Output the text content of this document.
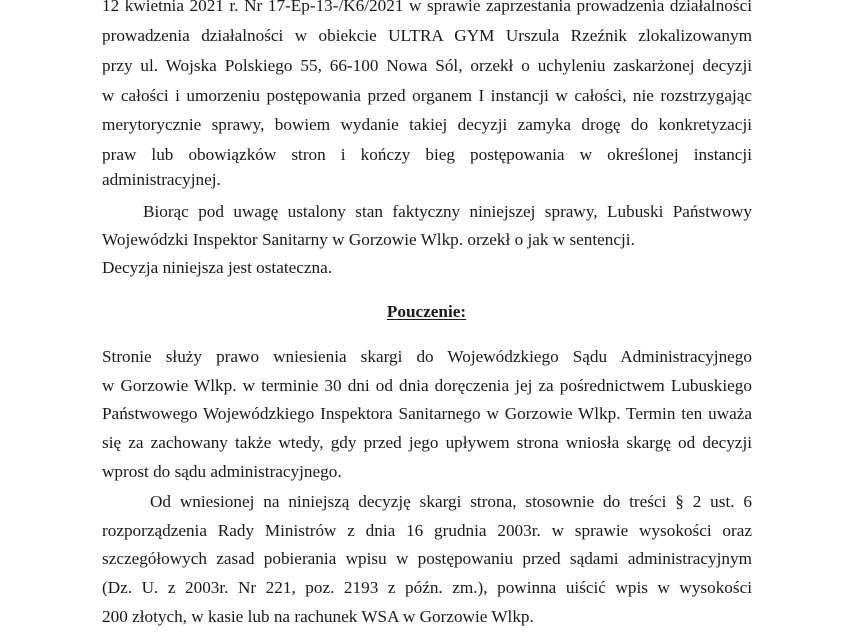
12 kwietnia 2021 r. Nr 17-Ep-13-/K6/2021 w sprawie zaprzestania prowadzenia działalności
prowadzenia działalności w obiekcie ULTRA GYM Urszula Rzeźnik zlokalizowanym
przy ul. Wojska Polskiego 55, 66-100 Nowa Sól, orzekł o uchyleniu zaskarżonej decyzji
w całości i umorzeniu postępowania przed organem I instancji w całości, nie rozstrzygając
merytorycznie sprawy, bowiem wydanie takiej decyzji zamyka drogę do konkretyzacji
praw lub obowiązków stron i kończy bieg postępowania w określonej instancji
administracyjnej.
Biorąc pod uwagę ustalony stan faktyczny niniejszej sprawy, Lubuski Państwowy
Wojewódzki Inspektor Sanitarny w Gorzowie Wlkp. orzekł o jak w sentencji.
Decyzja niniejsza jest ostateczna.
Pouczenie:
Stronie służy prawo wniesienia skargi do Wojewódzkiego Sądu Administracyjnego
w Gorzowie Wlkp. w terminie 30 dni od dnia doręczenia jej za pośrednictwem Lubuskiego
Państwowego Wojewódzkiego Inspektora Sanitarnego w Gorzowie Wlkp. Termin ten uważa
się za zachowany także wtedy, gdy przed jego upływem strona wniosła skargę od decyzji
wprost do sądu administracyjnego.
Od wniesionej na niniejszą decyzję skargi strona, stosownie do treści § 2 ust. 6
rozporządzenia Rady Ministrów z dnia 16 grudnia 2003r. w sprawie wysokości oraz
szczegółowych zasad pobierania wpisu w postępowaniu przed sądami administracyjnym
(Dz. U. z 2003r. Nr 221, poz. 2193 z późn. zm.), powinna uiścić wpis w wysokości
200 złotych, w kasie lub na rachunek WSA w Gorzowie Wlkp.
